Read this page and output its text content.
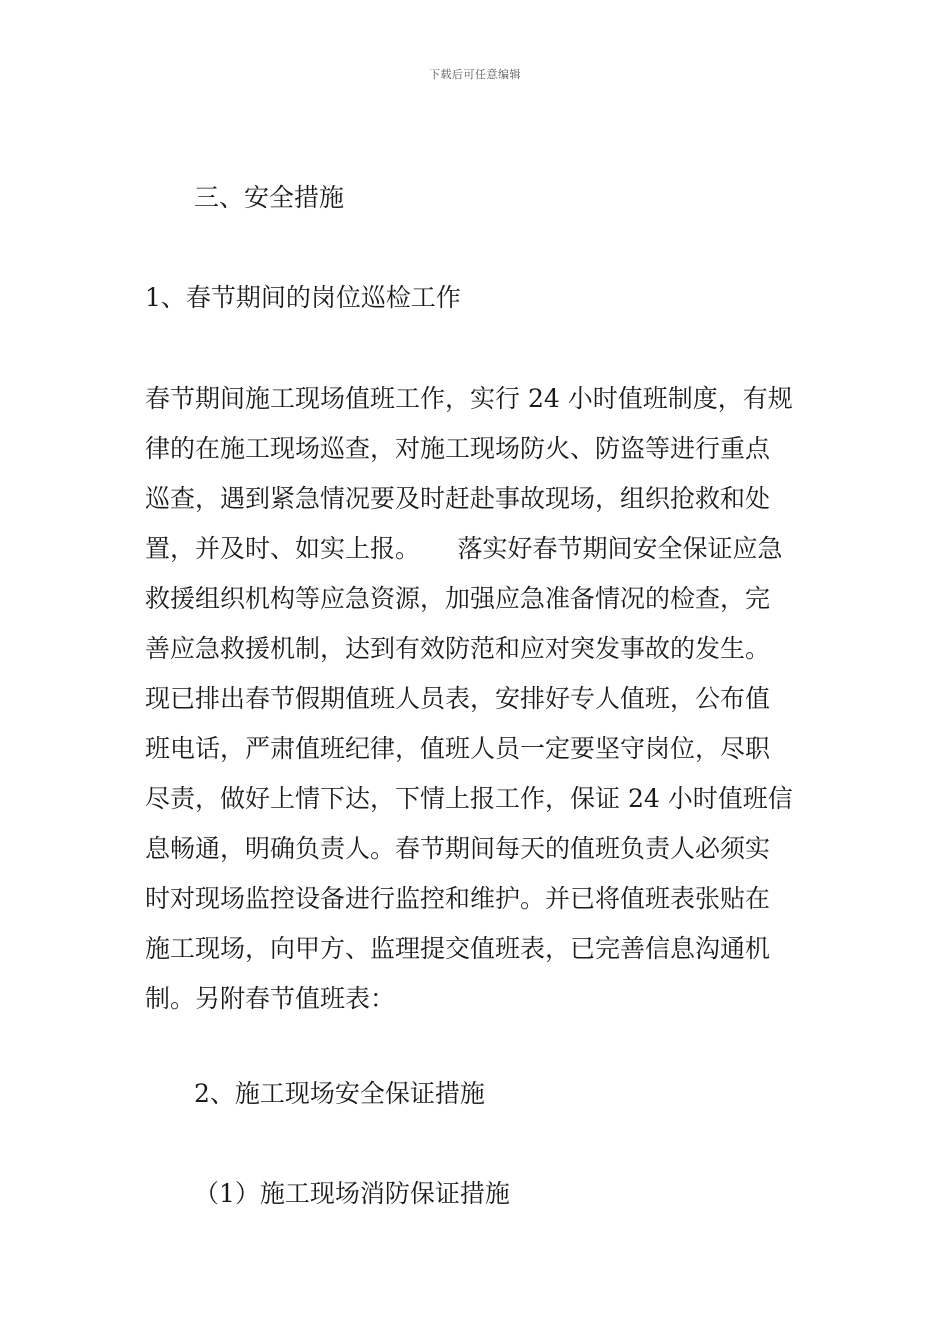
下载后可任意编辑
三、安全措施
1、春节期间的岗位巡检工作
春节期间施工现场值班工作，实行 24 小时值班制度，有规
律的在施工现场巡查，对施工现场防火、防盗等进行重点
巡查，遇到紧急情况要及时赶赴事故现场，组织抢救和处
置，并及时、如实上报。　　落实好春节期间安全保证应急
救援组织机构等应急资源，加强应急准备情况的检查，完
善应急救援机制，达到有效防范和应对突发事故的发生。
现已排出春节假期值班人员表，安排好专人值班，公布值
班电话，严肃值班纪律，值班人员一定要坚守岗位，尽职
尽责，做好上情下达，下情上报工作，保证 24 小时值班信
息畅通，明确负责人。春节期间每天的值班负责人必须实
时对现场监控设备进行监控和维护。并已将值班表张贴在
施工现场，向甲方、监理提交值班表，已完善信息沟通机
制。另附春节值班表：
2、施工现场安全保证措施
（1）施工现场消防保证措施
